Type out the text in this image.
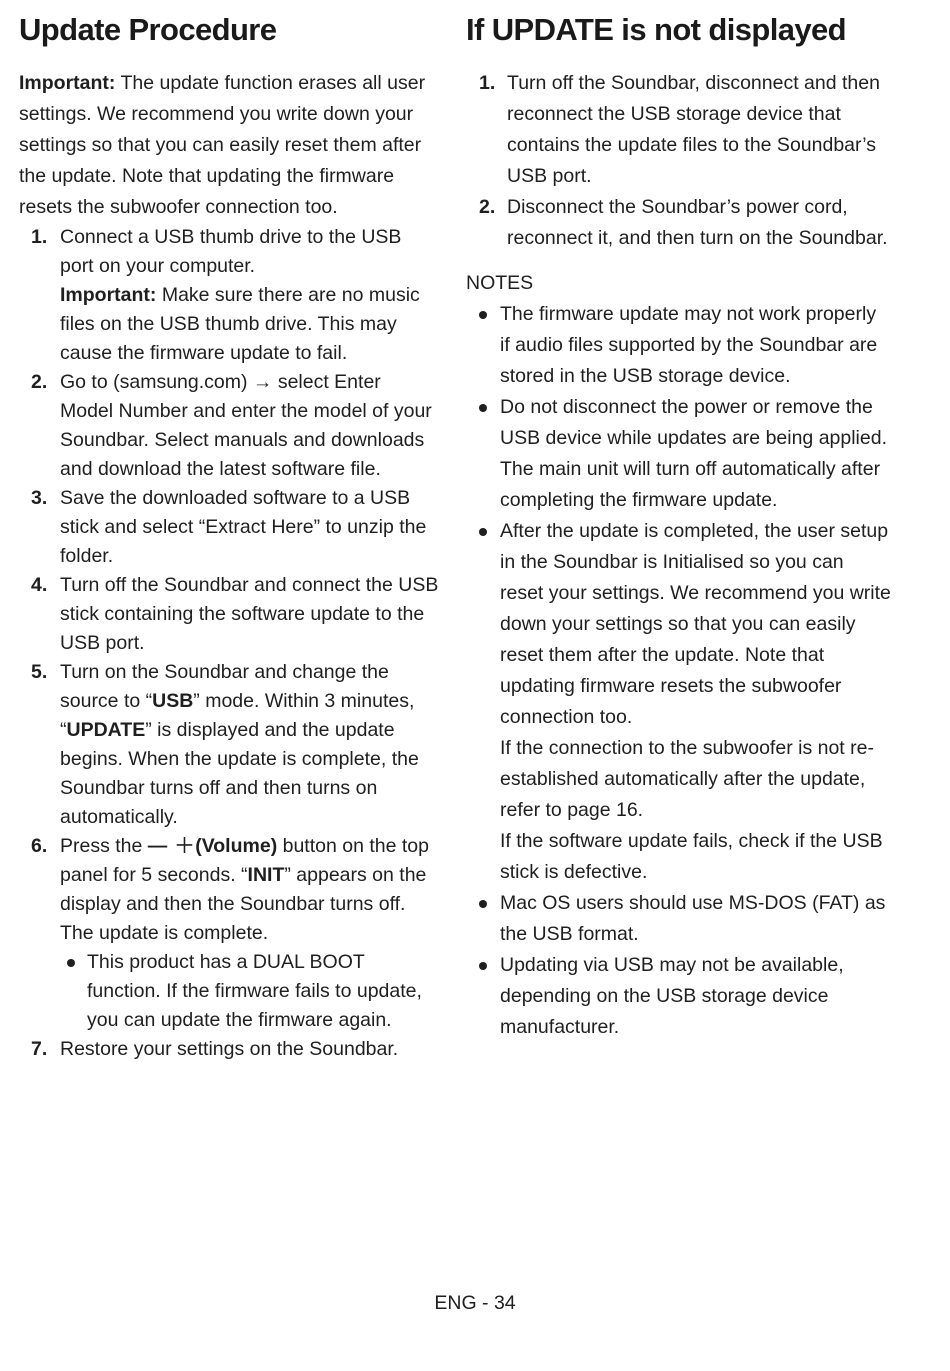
Update Procedure

Important: The update function erases all user settings. We recommend you write down your settings so that you can easily reset them after the update. Note that updating the firmware resets the subwoofer connection too.

1. Connect a USB thumb drive to the USB port on your computer.
Important: Make sure there are no music files on the USB thumb drive. This may cause the firmware update to fail.
2. Go to (samsung.com) → select Enter Model Number and enter the model of your Soundbar. Select manuals and downloads and download the latest software file.
3. Save the downloaded software to a USB stick and select “Extract Here” to unzip the folder.
4. Turn off the Soundbar and connect the USB stick containing the software update to the USB port.
5. Turn on the Soundbar and change the source to “USB” mode. Within 3 minutes, “UPDATE” is displayed and the update begins. When the update is complete, the Soundbar turns off and then turns on automatically.
6. Press the — ＋(Volume) button on the top panel for 5 seconds. “INIT” appears on the display and then the Soundbar turns off.
The update is complete.
This product has a DUAL BOOT function. If the firmware fails to update, you can update the firmware again.
7. Restore your settings on the Soundbar.
If UPDATE is not displayed
1. Turn off the Soundbar, disconnect and then reconnect the USB storage device that contains the update files to the Soundbar’s USB port.
2. Disconnect the Soundbar’s power cord, reconnect it, and then turn on the Soundbar.

NOTES

The firmware update may not work properly if audio files supported by the Soundbar are stored in the USB storage device.
Do not disconnect the power or remove the USB device while updates are being applied. The main unit will turn off automatically after completing the firmware update.
After the update is completed, the user setup in the Soundbar is Initialised so you can reset your settings. We recommend you write down your settings so that you can easily reset them after the update. Note that updating firmware resets the subwoofer connection too.
If the connection to the subwoofer is not re-established automatically after the update, refer to page 16.
If the software update fails, check if the USB stick is defective.
Mac OS users should use MS-DOS (FAT) as the USB format.
Updating via USB may not be available, depending on the USB storage device manufacturer.
ENG - 34
